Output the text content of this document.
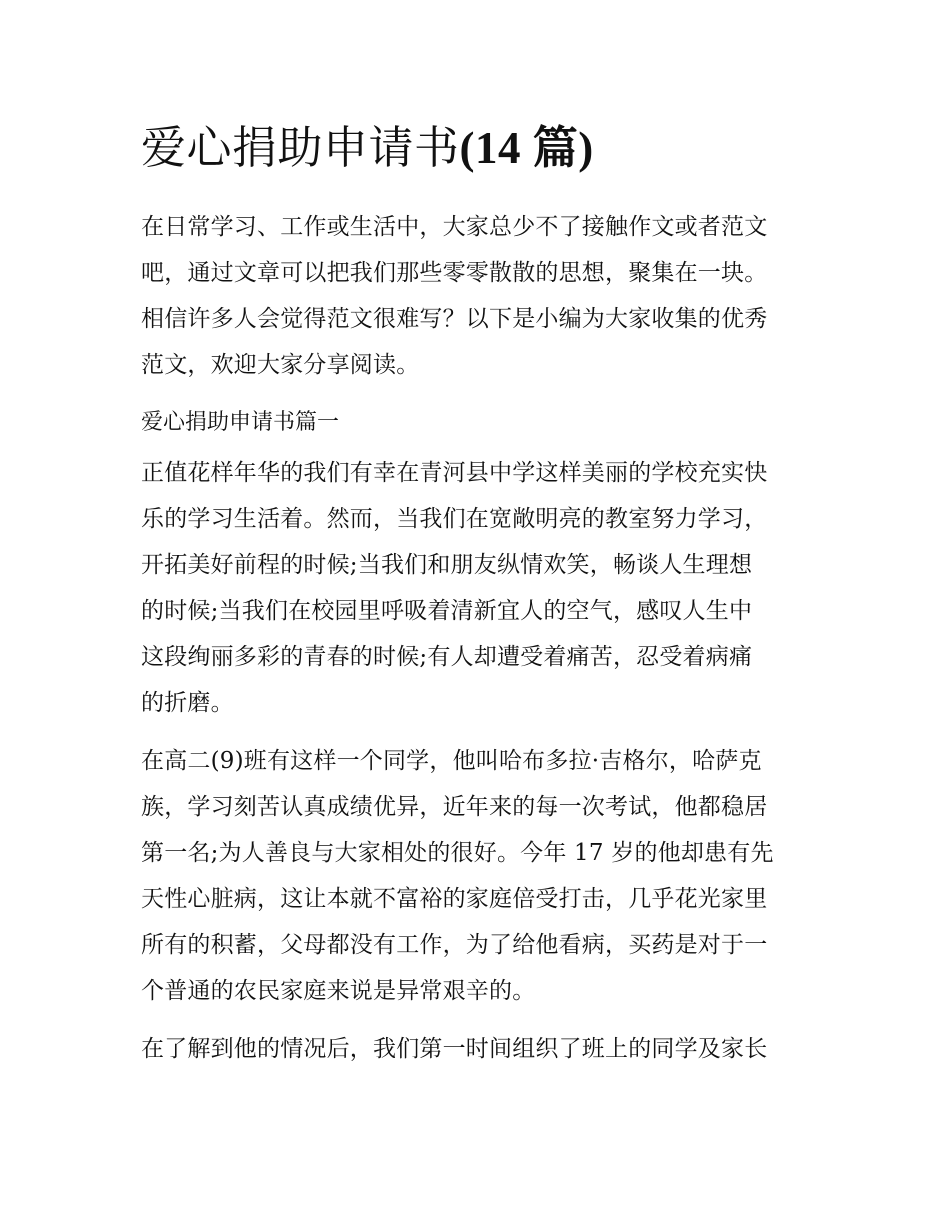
爱心捐助申请书(14 篇)
在日常学习、工作或生活中，大家总少不了接触作文或者范文
吧，通过文章可以把我们那些零零散散的思想，聚集在一块。
相信许多人会觉得范文很难写？以下是小编为大家收集的优秀
范文，欢迎大家分享阅读。
爱心捐助申请书篇一
正值花样年华的我们有幸在青河县中学这样美丽的学校充实快
乐的学习生活着。然而，当我们在宽敞明亮的教室努力学习，
开拓美好前程的时候;当我们和朋友纵情欢笑，畅谈人生理想
的时候;当我们在校园里呼吸着清新宜人的空气，感叹人生中
这段绚丽多彩的青春的时候;有人却遭受着痛苦，忍受着病痛
的折磨。
在高二(9)班有这样一个同学，他叫哈布多拉·吉格尔，哈萨克
族，学习刻苦认真成绩优异，近年来的每一次考试，他都稳居
第一名;为人善良与大家相处的很好。今年 17 岁的他却患有先
天性心脏病，这让本就不富裕的家庭倍受打击，几乎花光家里
所有的积蓄，父母都没有工作，为了给他看病，买药是对于一
个普通的农民家庭来说是异常艰辛的。
在了解到他的情况后，我们第一时间组织了班上的同学及家长
